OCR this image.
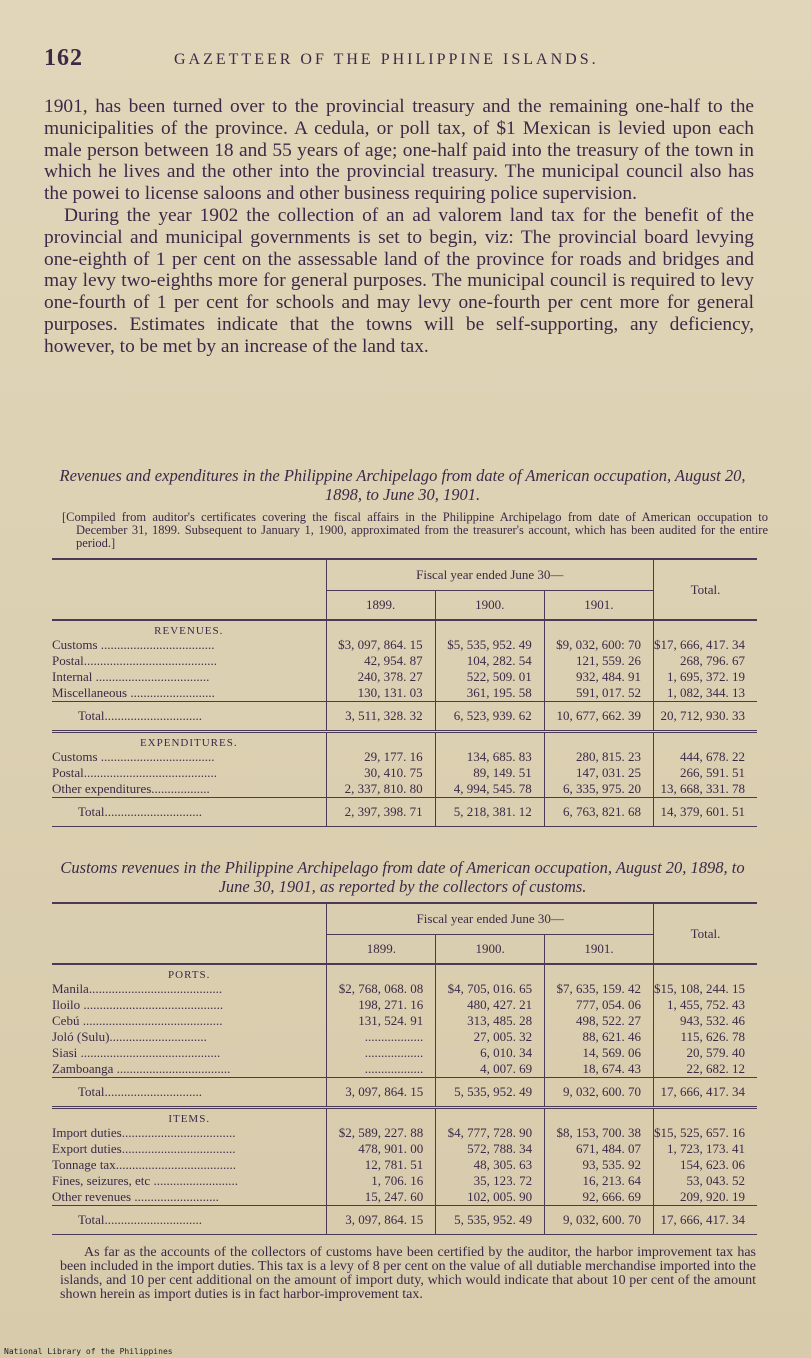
162	GAZETTEER OF THE PHILIPPINE ISLANDS.

1901, has been turned over to the provincial treasury and the remaining one-half to the municipalities of the province. A cedula, or poll tax, of $1 Mexican is levied upon each male person between 18 and 55 years of age; one-half paid into the treasury of the town in which he lives and the other into the provincial treasury. The municipal council also has the powei to license saloons and other business requiring police supervision.

During the year 1902 the collection of an ad valorem land tax for the benefit of the provincial and municipal governments is set to begin, viz: The provincial board levying one-eighth of 1 per cent on the assessable land of the province for roads and bridges and may levy two-eighths more for general purposes. The municipal council is required to levy one-fourth of 1 per cent for schools and may levy one-fourth per cent more for general purposes. Estimates indicate that the towns will be self-supporting, any deficiency, however, to be met by an increase of the land tax.

Revenues and expenditures in the Philippine Archipelago from date of American occupation, August 20, 1898, to June 30, 1901.
[Compiled from auditor's certificates covering the fiscal affairs in the Philippine Archipelago from date of American occupation to December 31, 1899. Subsequent to January 1, 1900, approximated from the treasurer's account, which has been audited for the entire period.]

	Fiscal year ended June 30—			Total.
	1899.	1900.	1901.	
REVENUES.				
Customs ...................................	$3, 097, 864. 15	$5, 535, 952. 49	$9, 032, 600: 70	$17, 666, 417. 34
Postal.........................................	42, 954. 87	104, 282. 54	121, 559. 26	268, 796. 67
Internal ...................................	240, 378. 27	522, 509. 01	932, 484. 91	1, 695, 372. 19
Miscellaneous ..........................	130, 131. 03	361, 195. 58	591, 017. 52	1, 082, 344. 13
Total..............................	3, 511, 328. 32	6, 523, 939. 62	10, 677, 662. 39	20, 712, 930. 33
EXPENDITURES.				
Customs ...................................	29, 177. 16	134, 685. 83	280, 815. 23	444, 678. 22
Postal.........................................	30, 410. 75	89, 149. 51	147, 031. 25	266, 591. 51
Other expenditures..................	2, 337, 810. 80	4, 994, 545. 78	6, 335, 975. 20	13, 668, 331. 78
Total..............................	2, 397, 398. 71	5, 218, 381. 12	6, 763, 821. 68	14, 379, 601. 51
Customs revenues in the Philippine Archipelago from date of American occupation, August 20, 1898, to June 30, 1901, as reported by the collectors of customs.

	Fiscal year ended June 30—			Total.
	1899.	1900.	1901.	
PORTS.				
Manila.........................................	$2, 768, 068. 08	$4, 705, 016. 65	$7, 635, 159. 42	$15, 108, 244. 15
Iloilo ...........................................	198, 271. 16	480, 427. 21	777, 054. 06	1, 455, 752. 43
Cebú ...........................................	131, 524. 91	313, 485. 28	498, 522. 27	943, 532. 46
Joló (Sulu)..............................	..................	27, 005. 32	88, 621. 46	115, 626. 78
Siasi ...........................................	..................	6, 010. 34	14, 569. 06	20, 579. 40
Zamboanga ...................................	..................	4, 007. 69	18, 674. 43	22, 682. 12
Total..............................	3, 097, 864. 15	5, 535, 952. 49	9, 032, 600. 70	17, 666, 417. 34
ITEMS.				
Import duties...................................	$2, 589, 227. 88	$4, 777, 728. 90	$8, 153, 700. 38	$15, 525, 657. 16
Export duties...................................	478, 901. 00	572, 788. 34	671, 484. 07	1, 723, 173. 41
Tonnage tax.....................................	12, 781. 51	48, 305. 63	93, 535. 92	154, 623. 06
Fines, seizures, etc ..........................	1, 706. 16	35, 123. 72	16, 213. 64	53, 043. 52
Other revenues ..........................	15, 247. 60	102, 005. 90	92, 666. 69	209, 920. 19
Total..............................	3, 097, 864. 15	5, 535, 952. 49	9, 032, 600. 70	17, 666, 417. 34

As far as the accounts of the collectors of customs have been certified by the auditor, the harbor improvement tax has been included in the import duties. This tax is a levy of 8 per cent on the value of all dutiable merchandise imported into the islands, and 10 per cent additional on the amount of import duty, which would indicate that about 10 per cent of the amount shown herein as import duties is in fact harbor-improvement tax.

National Library of the Philippines
